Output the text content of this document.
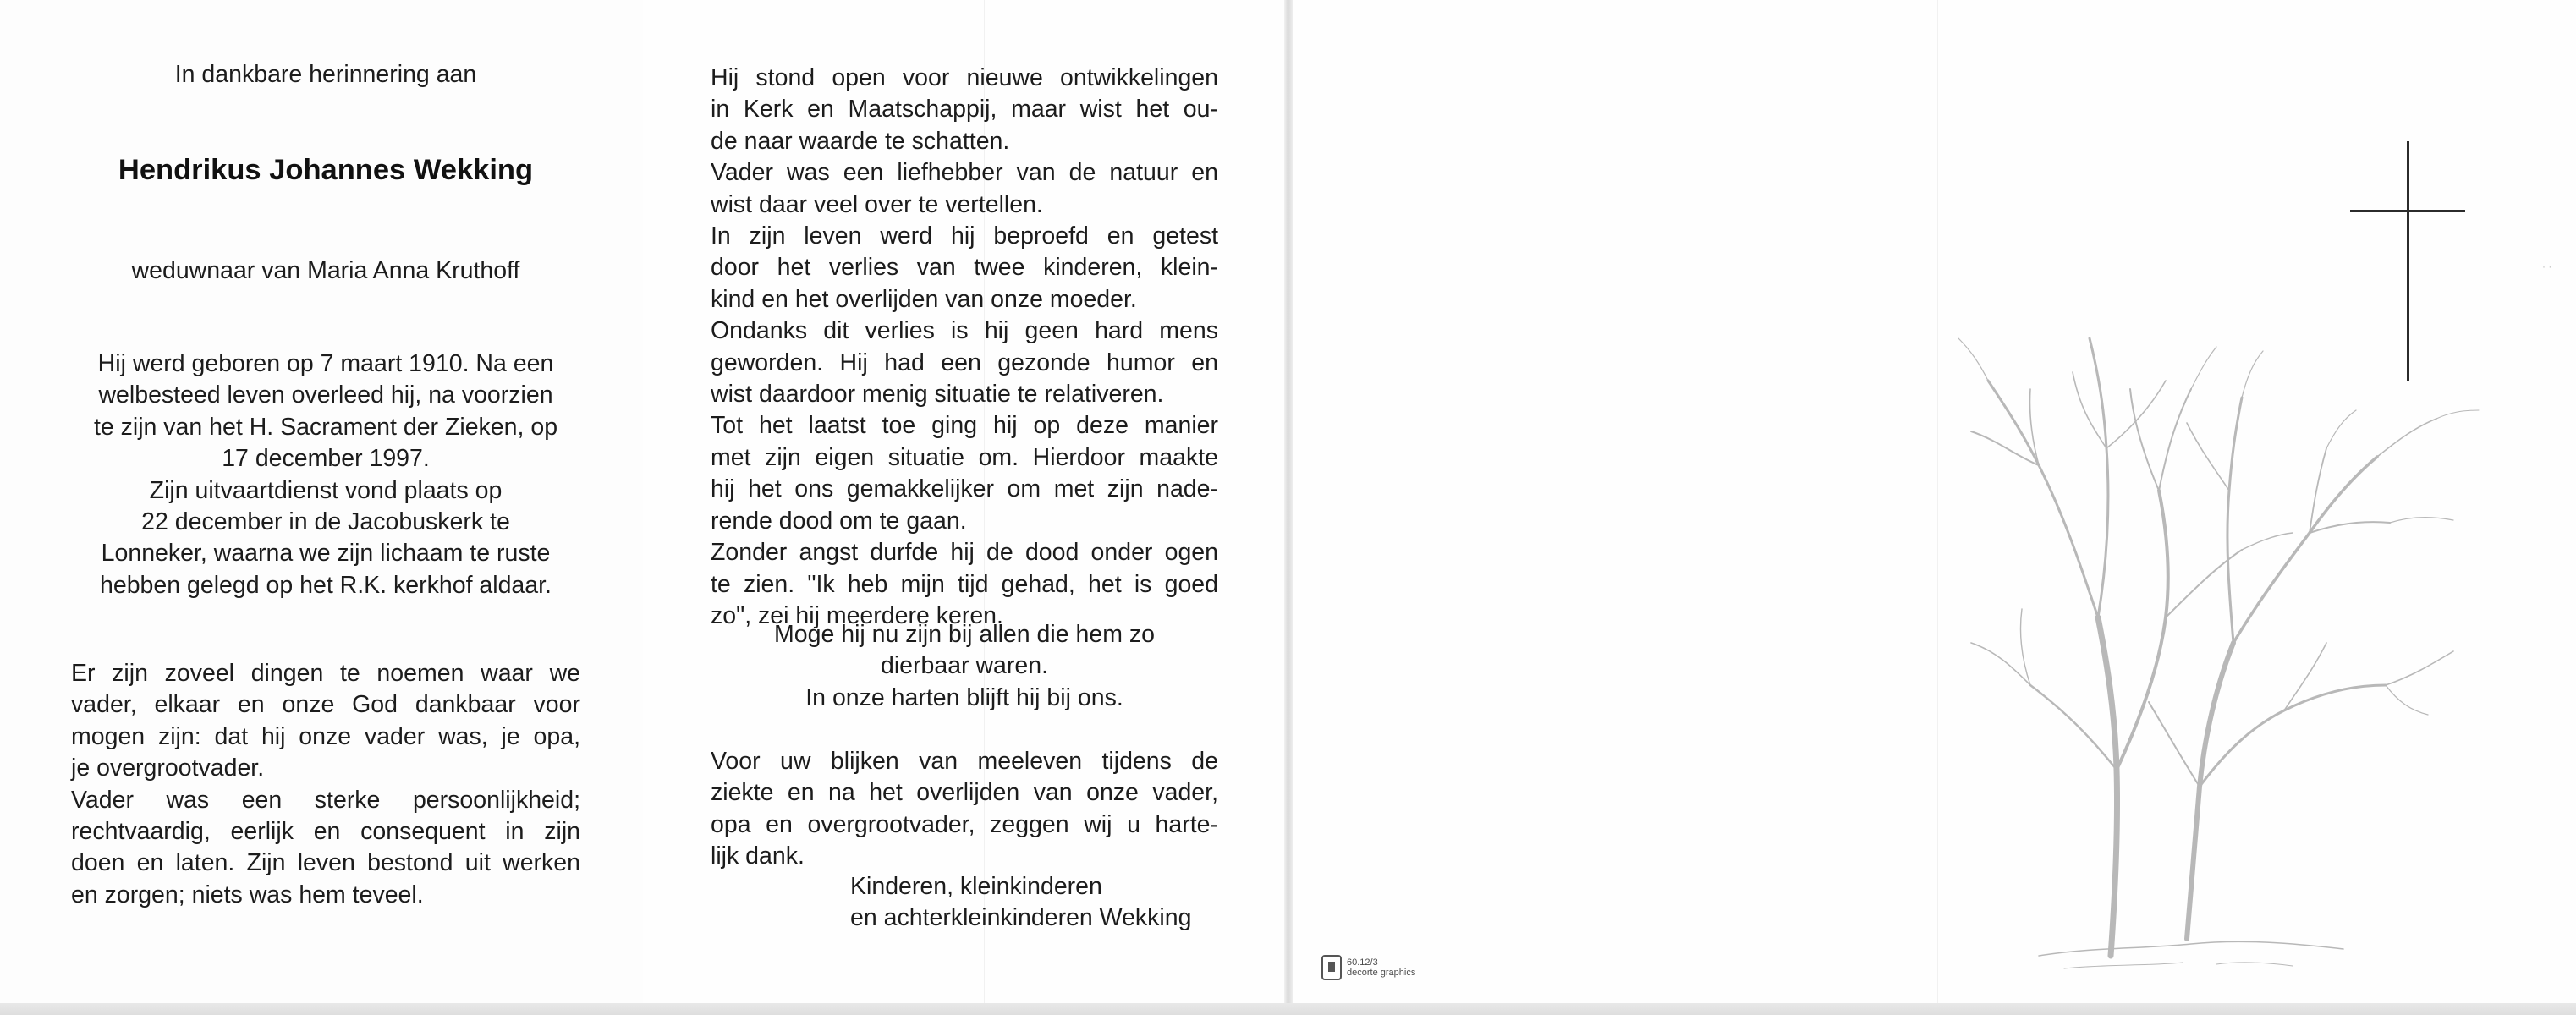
In dankbare herinnering aan
Hendrikus Johannes Wekking
weduwnaar van Maria Anna Kruthoff
Hij werd geboren op 7 maart 1910. Na een
welbesteed leven overleed hij, na voorzien
te zijn van het H. Sacrament der Zieken, op
17 december 1997.
Zijn uitvaartdienst vond plaats op
22 december in de Jacobuskerk te
Lonneker, waarna we zijn lichaam te ruste
hebben gelegd op het R.K. kerkhof aldaar.
Er zijn zoveel dingen te noemen waar we
vader, elkaar en onze God dankbaar voor
mogen zijn: dat hij onze vader was, je opa,
je overgrootvader.
Vader was een sterke persoonlijkheid;
rechtvaardig, eerlijk en consequent in zijn
doen en laten. Zijn leven bestond uit werken
en zorgen; niets was hem teveel.
Hij stond open voor nieuwe ontwikkelingen
in Kerk en Maatschappij, maar wist het ou-
de naar waarde te schatten.
Vader was een liefhebber van de natuur en
wist daar veel over te vertellen.
In zijn leven werd hij beproefd en getest
door het verlies van twee kinderen, klein-
kind en het overlijden van onze moeder.
Ondanks dit verlies is hij geen hard mens
geworden. Hij had een gezonde humor en
wist daardoor menig situatie te relativeren.
Tot het laatst toe ging hij op deze manier
met zijn eigen situatie om. Hierdoor maakte
hij het ons gemakkelijker om met zijn nade-
rende dood om te gaan.
Zonder angst durfde hij de dood onder ogen
te zien. "Ik heb mijn tijd gehad, het is goed
zo", zei hij meerdere keren.
Moge hij nu zijn bij allen die hem zo
dierbaar waren.
In onze harten blijft hij bij ons.
Voor uw blijken van meeleven tijdens de
ziekte en na het overlijden van onze vader,
opa en overgrootvader, zeggen wij u harte-
lijk dank.
Kinderen, kleinkinderen
en achterkleinkinderen Wekking
60.12/3
decorte graphics
· ·
